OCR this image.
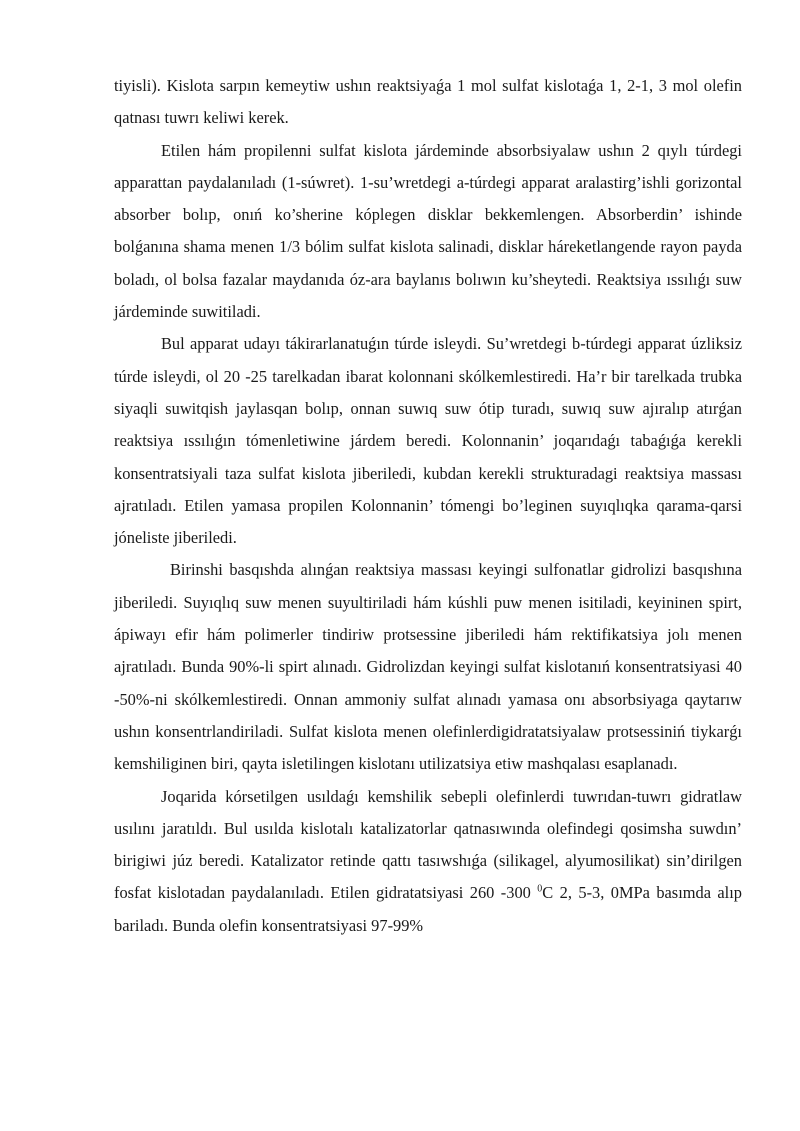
tiyisli). Kislota sarpın kemeytiw ushın reaktsiyaǵa 1 mol sulfat kislotaǵa 1, 2-1, 3 mol olefin qatnası tuwrı keliwi kerek.

Etilen hám propilenni sulfat kislota járdeminde absorbsiyalaw ushın 2 qıylı túrdegi apparattan paydalanıladı (1-súwret). 1-su’wretdegi a-túrdegi apparat aralastirg’ishli gorizontal absorber bolıp, onıń ko’sherine kóplegen disklar bekkemlengen. Absorberdin’ ishinde bolǵanına shama menen 1/3 bólim sulfat kislota salinadi, disklar háreketlangende rayon payda boladı, ol bolsa fazalar maydanıda óz-ara baylanıs bolıwın ku’sheytedi. Reaktsiya ıssılıǵı suw járdeminde suwitiladi.

Bul apparat udayı tákirarlanatuǵın túrde isleydi. Su’wretdegi b-túrdegi apparat úzliksiz túrde isleydi, ol 20 -25 tarelkadan ibarat kolonnani skólkemlestiredi. Ha’r bir tarelkada trubka siyaqli suwitqish jaylasqan bolıp, onnan suwıq suw ótip turadı, suwıq suw ajıralıp atırǵan reaktsiya ıssılıǵın tómenletiwine járdem beredi. Kolonnanin’ joqarıdaǵı tabaǵıǵa kerekli konsentratsiyali taza sulfat kislota jiberiledi, kubdan kerekli strukturadagi reaktsiya massası ajratıladı. Etilen yamasa propilen Kolonnanin’ tómengi bo’leginen suyıqlıqka qarama-qarsi jóneliste jiberiledi.

Birinshi basqıshda alınǵan reaktsiya massası keyingi sulfonatlar gidrolizi basqıshına jiberiledi. Suyıqlıq suw menen suyultiriladi hám kúshli puw menen isitiladi, keyininen spirt, ápiwayı efir hám polimerler tindiriw protsessine jiberiledi hám rektifikatsiya jolı menen ajratıladı. Bunda 90%-li spirt alınadı. Gidrolizdan keyingi sulfat kislotanıń konsentratsiyasi 40 -50%-ni skólkemlestiredi. Onnan ammoniy sulfat alınadı yamasa onı absorbsiyaga qaytarıw ushın konsentrlandiriladi. Sulfat kislota menen olefinlerdigidratatsiyalaw protsessiniń tiykarǵı kemshiliginen biri, qayta isletilingen kislotanı utilizatsiya etiw mashqalası esaplanadı.

Joqarida kórsetilgen usıldaǵı kemshilik sebepli olefinlerdi tuwrıdan-tuwrı gidratlaw usılını jaratıldı. Bul usılda kislotalı katalizatorlar qatnasıwında olefindegi qosimsha suwdın’ birigiwi júz beredi. Katalizator retinde qattı tasıwshıǵa (silikagel, alyumosilikat) sin’dirilgen fosfat kislotadan paydalanıladı. Etilen gidratatsiyasi 260 -300 $^0$C 2, 5-3, 0MPa basımda alıp bariladı. Bunda olefin konsentratsiyasi 97-99%
